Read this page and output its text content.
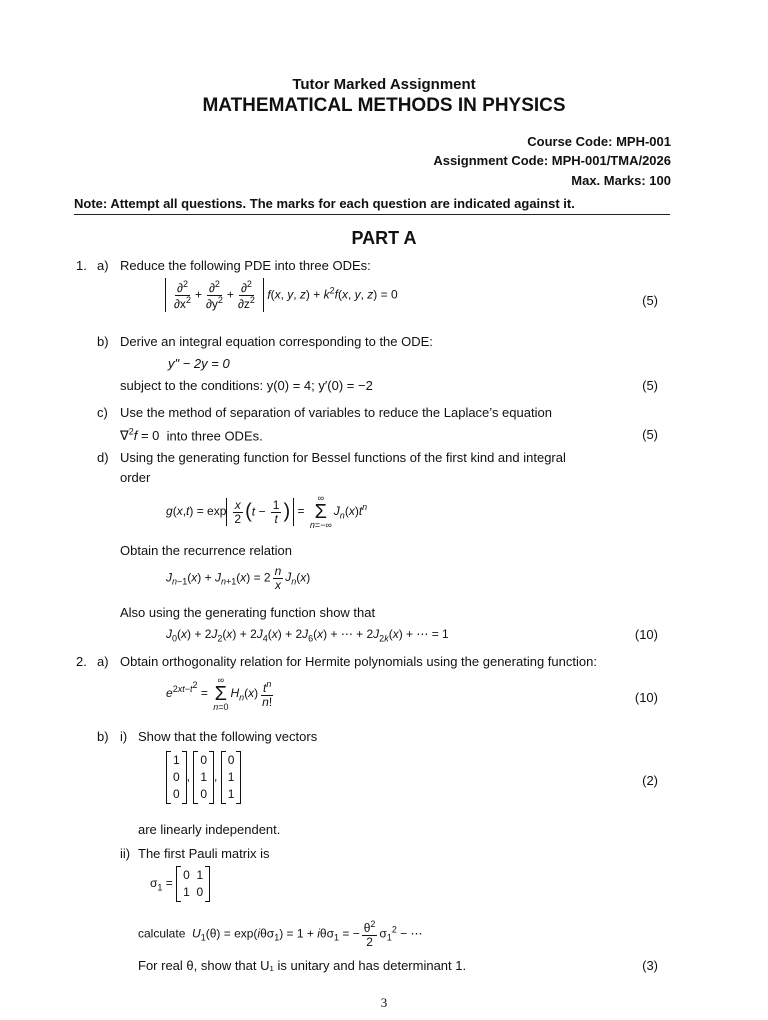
Tutor Marked Assignment
MATHEMATICAL METHODS IN PHYSICS
Course Code: MPH-001
Assignment Code: MPH-001/TMA/2026
Max. Marks: 100
Note: Attempt all questions. The marks for each question are indicated against it.
PART A
1. a) Reduce the following PDE into three ODEs:
$\frac{\partial^2}{\partial x^2} + \frac{\partial^2}{\partial y^2} + \frac{\partial^2}{\partial z^2} f(x$, y, $z) + k^2f(x$, y, z) = 0	(5)
b) Derive an integral equation corresponding to the ODE:
y" − 2y = 0
subject to the conditions: y(0) = 4; y′(0) = −2	(5)
c) Use the method of separation of variables to reduce the Laplace’s equation
∇$^2$f = 0 into three ODEs.	(5)
d) Using the generating function for Bessel functions of the first kind and integral
order
$g(x,t) = \exp \frac{x}{2} (t - \frac{1}{t}$ ) =
∞
Σ
n=−∞
$J_n(x)t^n$
Obtain the recurrence relation
$J_{n-1}(x) + J_{n+1}(x) = 2 \frac{n}{x} J_n(x)$
Also using the generating function show that
$J_0(x) + 2J_2(x) + 2J_4(x) + 2J_6(x)$ + ⋯ + $2J_{2k}(x)$ + ⋯ = 1	(10)
2. a) Obtain orthogonality relation for Hermite polynomials using the generating function:
$e^{2xt-t^2}$ =
∞
Σ
n=0
$H_n(x) \frac{t^n}{n!}$	(10)
b) i) Show that the following vectors
1
0
0
,
0
1
0
,
0
1
1
(2)
are linearly independent.
ii) The first Pauli matrix is
$\sigma_1$ =
0  1
1  0
calculate $U_1(\theta) = \exp(i\theta\sigma_1) = 1 + i\theta\sigma_1$ = − $\frac{\theta^2}{2} \sigma_1^2$ − ⋯
For real θ, show that U₁ is unitary and has determinant 1.	(3)
3
